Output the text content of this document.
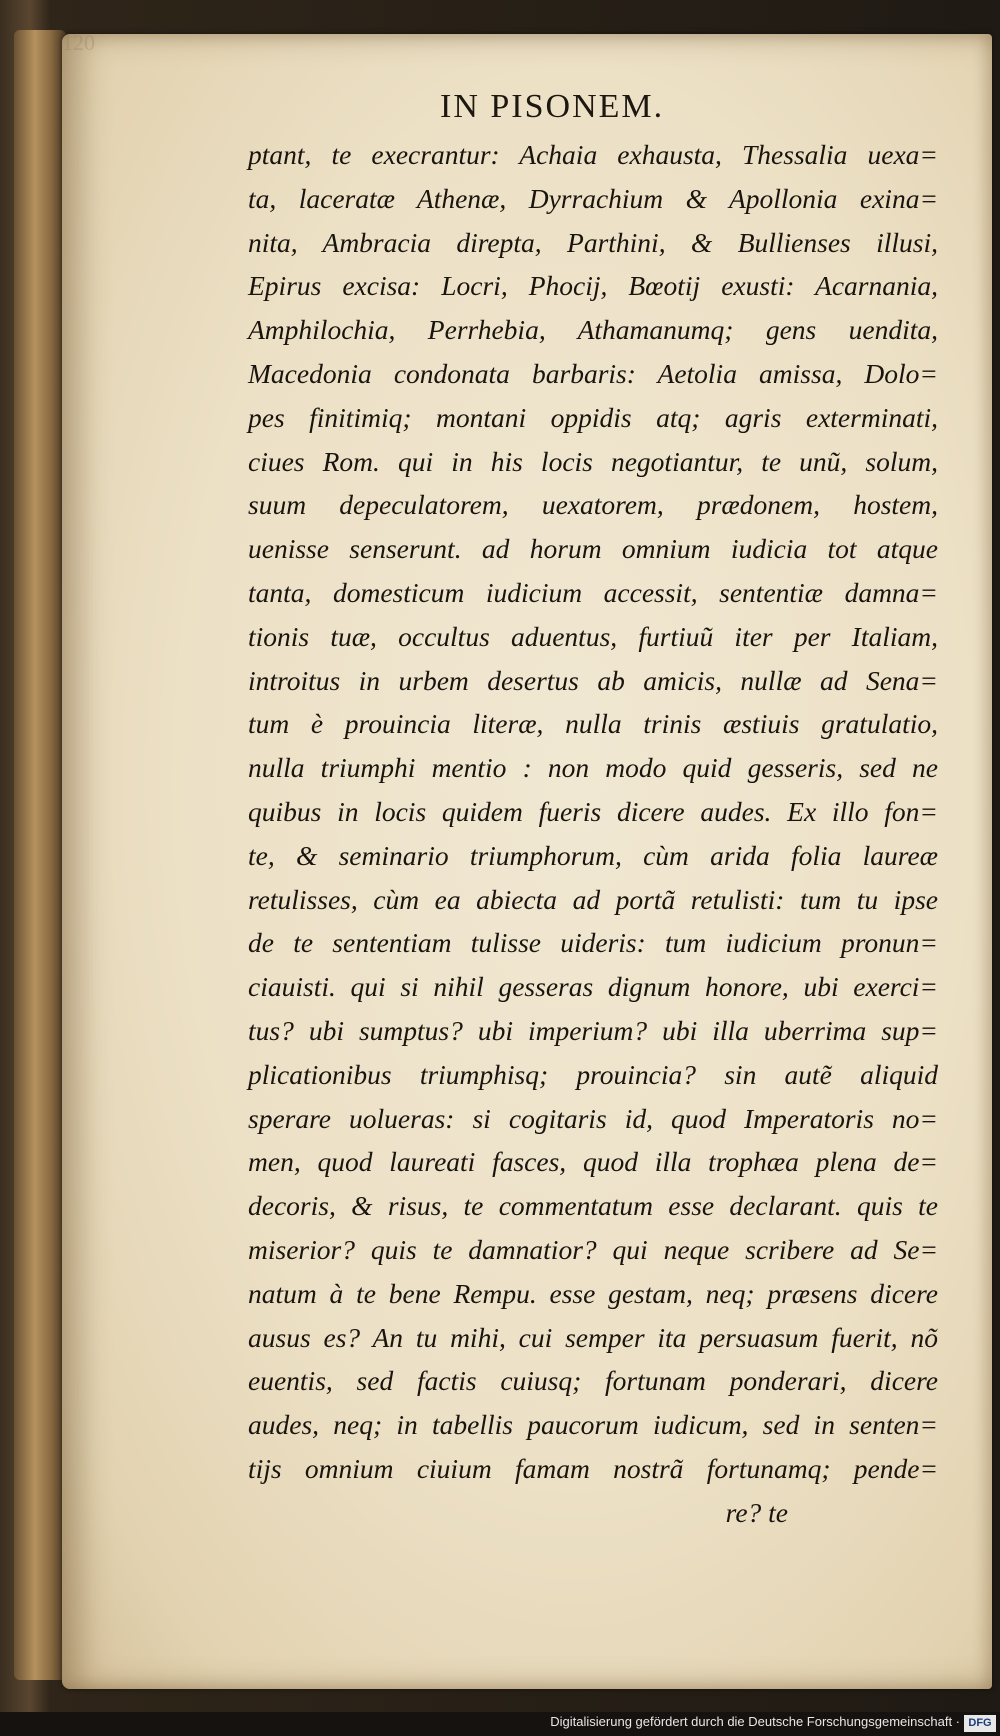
120
IN PISONEM.
ptant, te execrantur: Achaia exhausta, Thessalia uexa=
ta, laceratæ Athenæ, Dyrrachium & Apollonia exina=
nita, Ambracia direpta, Parthini, & Bullienses illusi,
Epirus excisa: Locri, Phocij, Bœotij exusti: Acarnania,
Amphilochia, Perrhebia, Athamanumq; gens uendita,
Macedonia condonata barbaris: Aetolia amissa, Dolo=
pes finitimiq; montani oppidis atq; agris exterminati,
ciues Rom. qui in his locis negotiantur, te unũ, solum,
suum depeculatorem, uexatorem, prædonem, hostem,
uenisse senserunt. ad horum omnium iudicia tot atque
tanta, domesticum iudicium accessit, sententiæ damna=
tionis tuæ, occultus aduentus, furtiuũ iter per Italiam,
introitus in urbem desertus ab amicis, nullæ ad Sena=
tum è prouincia literæ, nulla trinis æstiuis gratulatio,
nulla triumphi mentio : non modo quid gesseris, sed ne
quibus in locis quidem fueris dicere audes. Ex illo fon=
te, & seminario triumphorum, cùm arida folia laureæ
retulisses, cùm ea abiecta ad portã retulisti: tum tu ipse
de te sententiam tulisse uideris: tum iudicium pronun=
ciauisti. qui si nihil gesseras dignum honore, ubi exerci=
tus? ubi sumptus? ubi imperium? ubi illa uberrima sup=
plicationibus triumphisq; prouincia? sin autẽ aliquid
sperare uolueras: si cogitaris id, quod Imperatoris no=
men, quod laureati fasces, quod illa trophæa plena de=
decoris, & risus, te commentatum esse declarant. quis te
miserior? quis te damnatior? qui neque scribere ad Se=
natum à te bene Rempu. esse gestam, neq; præsens dicere
ausus es? An tu mihi, cui semper ita persuasum fuerit, nõ
euentis, sed factis cuiusq; fortunam ponderari, dicere
audes, neq; in tabellis paucorum iudicum, sed in senten=
tijs omnium ciuium famam nostrã fortunamq; pende=
re? te
Digitalisierung gefördert durch die Deutsche Forschungsgemeinschaft · DFG
